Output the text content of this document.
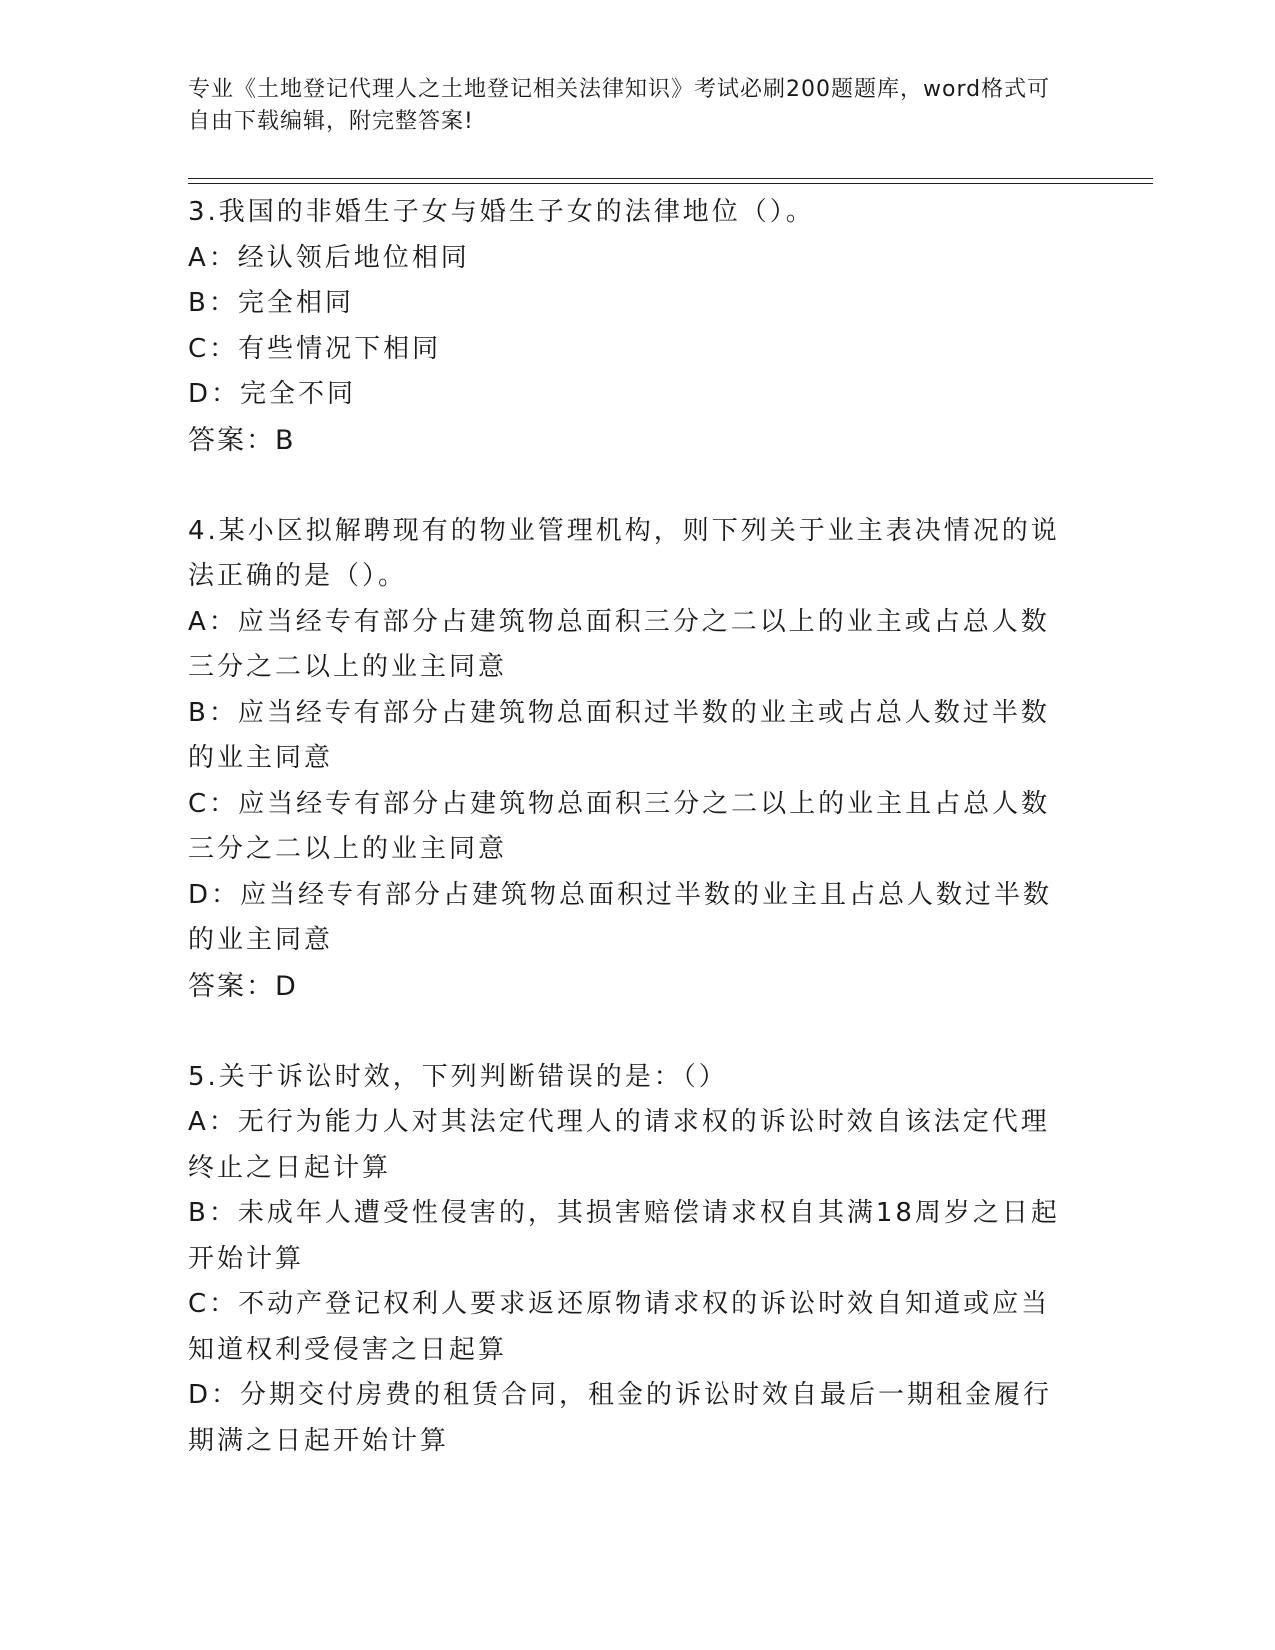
专业《土地登记代理人之土地登记相关法律知识》考试必刷200题题库，word格式可自由下载编辑，附完整答案!
3.我国的非婚生子女与婚生子女的法律地位（）。
A：经认领后地位相同
B：完全相同
C：有些情况下相同
D：完全不同
答案：B
4.某小区拟解聘现有的物业管理机构，则下列关于业主表决情况的说法正确的是（）。
A：应当经专有部分占建筑物总面积三分之二以上的业主或占总人数三分之二以上的业主同意
B：应当经专有部分占建筑物总面积过半数的业主或占总人数过半数的业主同意
C：应当经专有部分占建筑物总面积三分之二以上的业主且占总人数三分之二以上的业主同意
D：应当经专有部分占建筑物总面积过半数的业主且占总人数过半数的业主同意
答案：D
5.关于诉讼时效，下列判断错误的是：（）
A：无行为能力人对其法定代理人的请求权的诉讼时效自该法定代理终止之日起计算
B：未成年人遭受性侵害的，其损害赔偿请求权自其满18周岁之日起开始计算
C：不动产登记权利人要求返还原物请求权的诉讼时效自知道或应当知道权利受侵害之日起算
D：分期交付房费的租赁合同，租金的诉讼时效自最后一期租金履行期满之日起开始计算
